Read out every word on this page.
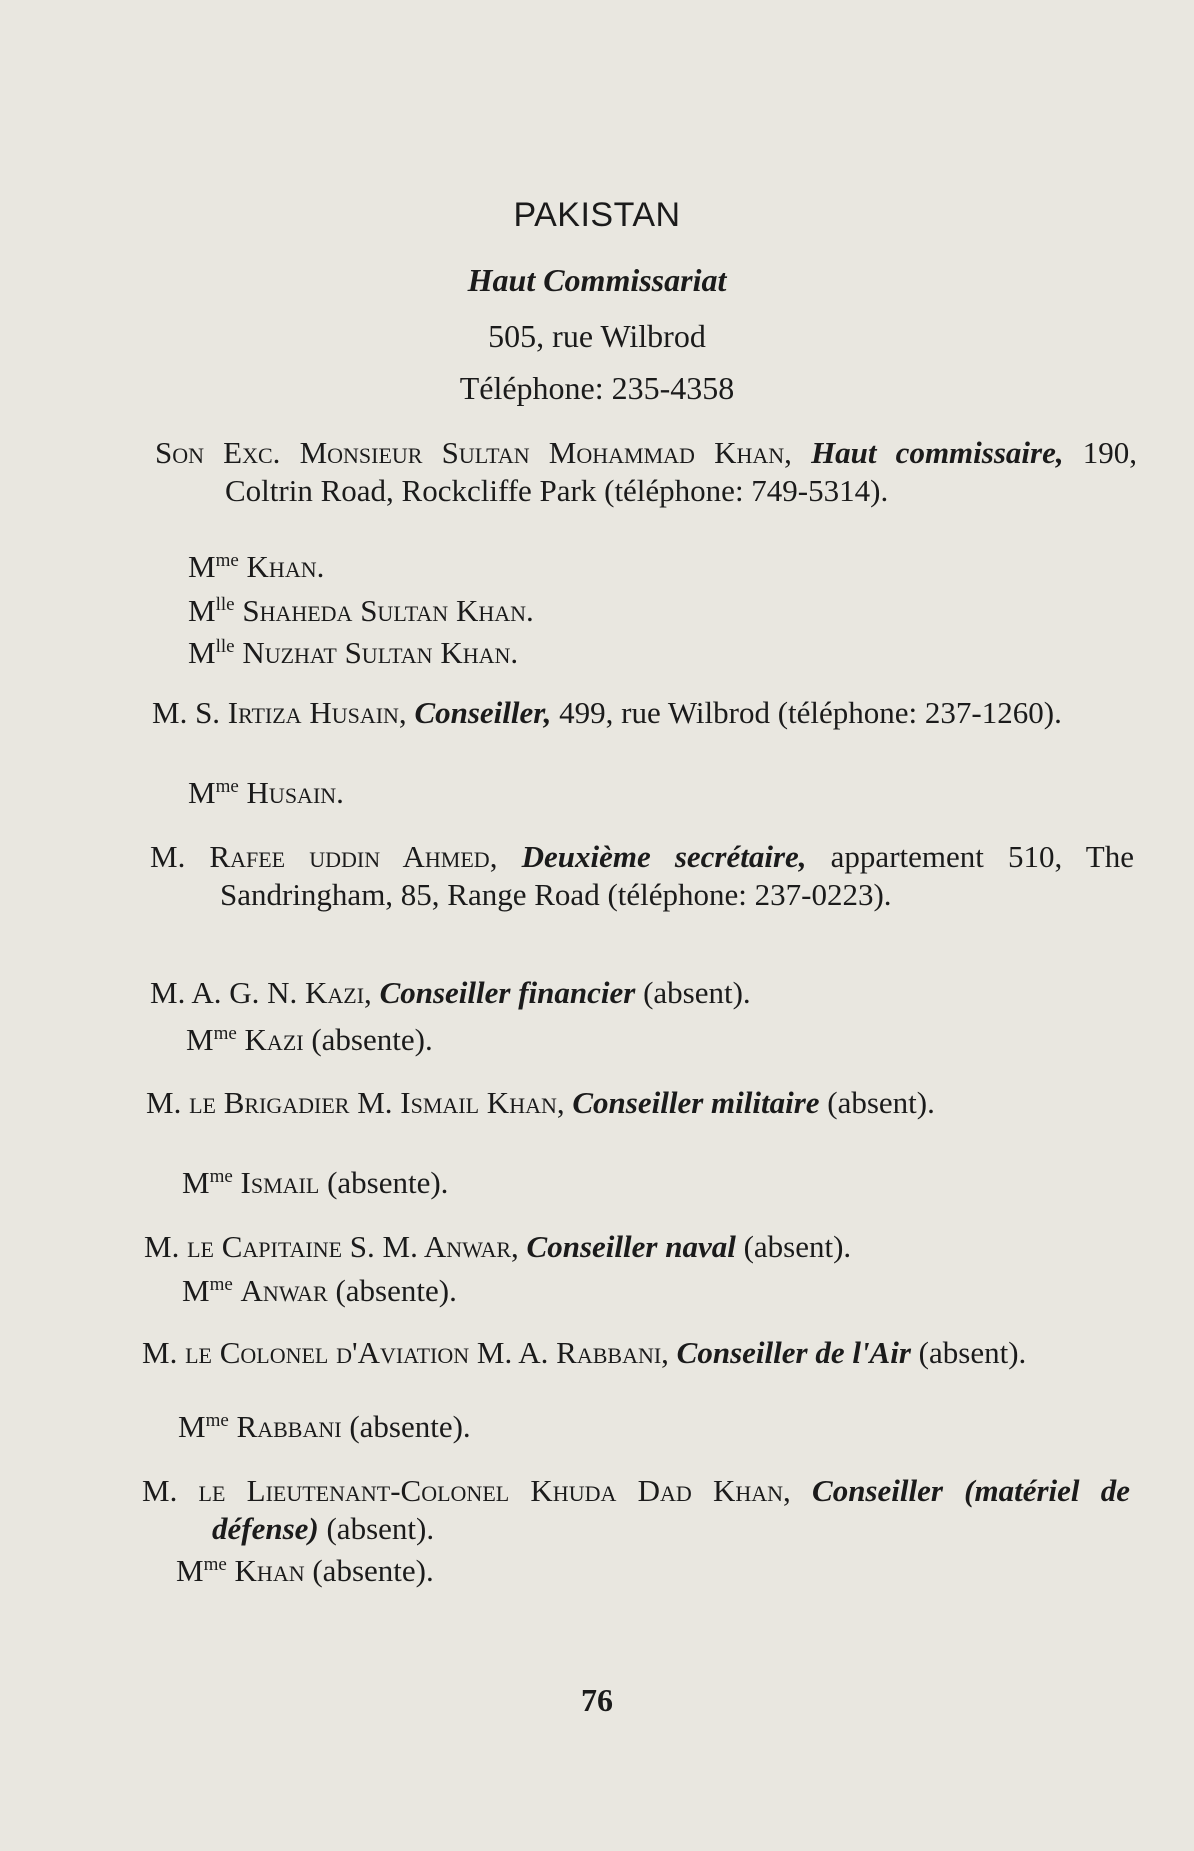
PAKISTAN
Haut Commissariat
505, rue Wilbrod
Téléphone: 235-4358
Son Exc. Monsieur Sultan Mohammad Khan, Haut commissaire, 190, Coltrin Road, Rockcliffe Park (téléphone: 749-5314).
$M^{me}$ Khan.
$M^{lle}$ Shaheda Sultan Khan.
$M^{lle}$ Nuzhat Sultan Khan.
M. S. Irtiza Husain, Conseiller, 499, rue Wilbrod (téléphone: 237-1260).
$M^{me}$ Husain.
M. Rafee uddin Ahmed, Deuxième secrétaire, appartement 510, The Sandringham, 85, Range Road (téléphone: 237-0223).
M. A. G. N. Kazi, Conseiller financier (absent).
$M^{me}$ Kazi (absente).
M. le Brigadier M. Ismail Khan, Conseiller militaire (absent).
$M^{me}$ Ismail (absente).
M. le Capitaine S. M. Anwar, Conseiller naval (absent).
$M^{me}$ Anwar (absente).
M. le Colonel d'Aviation M. A. Rabbani, Conseiller de l'Air (absent).
$M^{me}$ Rabbani (absente).
M. le Lieutenant-Colonel Khuda Dad Khan, Conseiller (matériel de défense) (absent).
$M^{me}$ Khan (absente).
76
